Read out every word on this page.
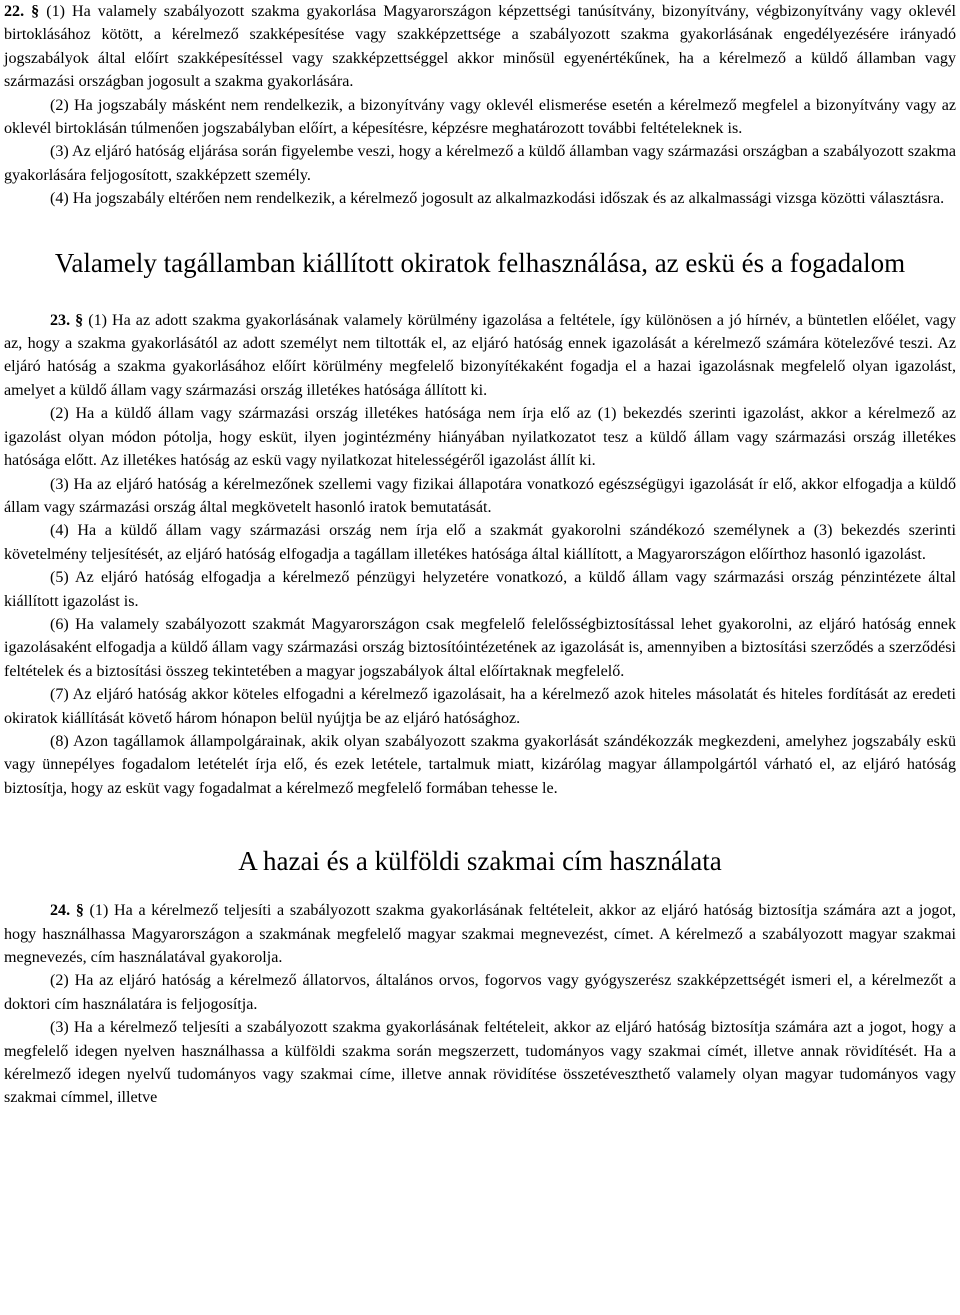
22. § (1) Ha valamely szabályozott szakma gyakorlása Magyarországon képzettségi tanúsítvány, bizonyítvány, végbizonyítvány vagy oklevél birtoklásához kötött, a kérelmező szakképesítése vagy szakképzettsége a szabályozott szakma gyakorlásának engedélyezésére irányadó jogszabályok által előírt szakképesítéssel vagy szakképzettséggel akkor minősül egyenértékűnek, ha a kérelmező a küldő államban vagy származási országban jogosult a szakma gyakorlására.

(2) Ha jogszabály másként nem rendelkezik, a bizonyítvány vagy oklevél elismerése esetén a kérelmező megfelel a bizonyítvány vagy az oklevél birtoklásán túlmenően jogszabályban előírt, a képesítésre, képzésre meghatározott további feltételeknek is.

(3) Az eljáró hatóság eljárása során figyelembe veszi, hogy a kérelmező a küldő államban vagy származási országban a szabályozott szakma gyakorlására feljogosított, szakképzett személy.

(4) Ha jogszabály eltérően nem rendelkezik, a kérelmező jogosult az alkalmazkodási időszak és az alkalmassági vizsga közötti választásra.

Valamely tagállamban kiállított okiratok felhasználása, az eskü és a fogadalom

23. § (1) Ha az adott szakma gyakorlásának valamely körülmény igazolása a feltétele, így különösen a jó hírnév, a büntetlen előélet, vagy az, hogy a szakma gyakorlásától az adott személyt nem tiltották el, az eljáró hatóság ennek igazolását a kérelmező számára kötelezővé teszi. Az eljáró hatóság a szakma gyakorlásához előírt körülmény megfelelő bizonyítékaként fogadja el a hazai igazolásnak megfelelő olyan igazolást, amelyet a küldő állam vagy származási ország illetékes hatósága állított ki.

(2) Ha a küldő állam vagy származási ország illetékes hatósága nem írja elő az (1) bekezdés szerinti igazolást, akkor a kérelmező az igazolást olyan módon pótolja, hogy esküt, ilyen jogintézmény hiányában nyilatkozatot tesz a küldő állam vagy származási ország illetékes hatósága előtt. Az illetékes hatóság az eskü vagy nyilatkozat hitelességéről igazolást állít ki.

(3) Ha az eljáró hatóság a kérelmezőnek szellemi vagy fizikai állapotára vonatkozó egészségügyi igazolását ír elő, akkor elfogadja a küldő állam vagy származási ország által megkövetelt hasonló iratok bemutatását.

(4) Ha a küldő állam vagy származási ország nem írja elő a szakmát gyakorolni szándékozó személynek a (3) bekezdés szerinti követelmény teljesítését, az eljáró hatóság elfogadja a tagállam illetékes hatósága által kiállított, a Magyarországon előírthoz hasonló igazolást.

(5) Az eljáró hatóság elfogadja a kérelmező pénzügyi helyzetére vonatkozó, a küldő állam vagy származási ország pénzintézete által kiállított igazolást is.

(6) Ha valamely szabályozott szakmát Magyarországon csak megfelelő felelősségbiztosítással lehet gyakorolni, az eljáró hatóság ennek igazolásaként elfogadja a küldő állam vagy származási ország biztosítóintézetének az igazolását is, amennyiben a biztosítási szerződés a szerződési feltételek és a biztosítási összeg tekintetében a magyar jogszabályok által előírtaknak megfelelő.

(7) Az eljáró hatóság akkor köteles elfogadni a kérelmező igazolásait, ha a kérelmező azok hiteles másolatát és hiteles fordítását az eredeti okiratok kiállítását követő három hónapon belül nyújtja be az eljáró hatósághoz.

(8) Azon tagállamok állampolgárainak, akik olyan szabályozott szakma gyakorlását szándékozzák megkezdeni, amelyhez jogszabály eskü vagy ünnepélyes fogadalom letételét írja elő, és ezek letétele, tartalmuk miatt, kizárólag magyar állampolgártól várható el, az eljáró hatóság biztosítja, hogy az esküt vagy fogadalmat a kérelmező megfelelő formában tehesse le.

A hazai és a külföldi szakmai cím használata

24. § (1) Ha a kérelmező teljesíti a szabályozott szakma gyakorlásának feltételeit, akkor az eljáró hatóság biztosítja számára azt a jogot, hogy használhassa Magyarországon a szakmának megfelelő magyar szakmai megnevezést, címet. A kérelmező a szabályozott magyar szakmai megnevezés, cím használatával gyakorolja.

(2) Ha az eljáró hatóság a kérelmező állatorvos, általános orvos, fogorvos vagy gyógyszerész szakképzettségét ismeri el, a kérelmezőt a doktori cím használatára is feljogosítja.

(3) Ha a kérelmező teljesíti a szabályozott szakma gyakorlásának feltételeit, akkor az eljáró hatóság biztosítja számára azt a jogot, hogy a megfelelő idegen nyelven használhassa a külföldi szakma során megszerzett, tudományos vagy szakmai címét, illetve annak rövidítését. Ha a kérelmező idegen nyelvű tudományos vagy szakmai címe, illetve annak rövidítése összetéveszthető valamely olyan magyar tudományos vagy szakmai címmel, illetve
